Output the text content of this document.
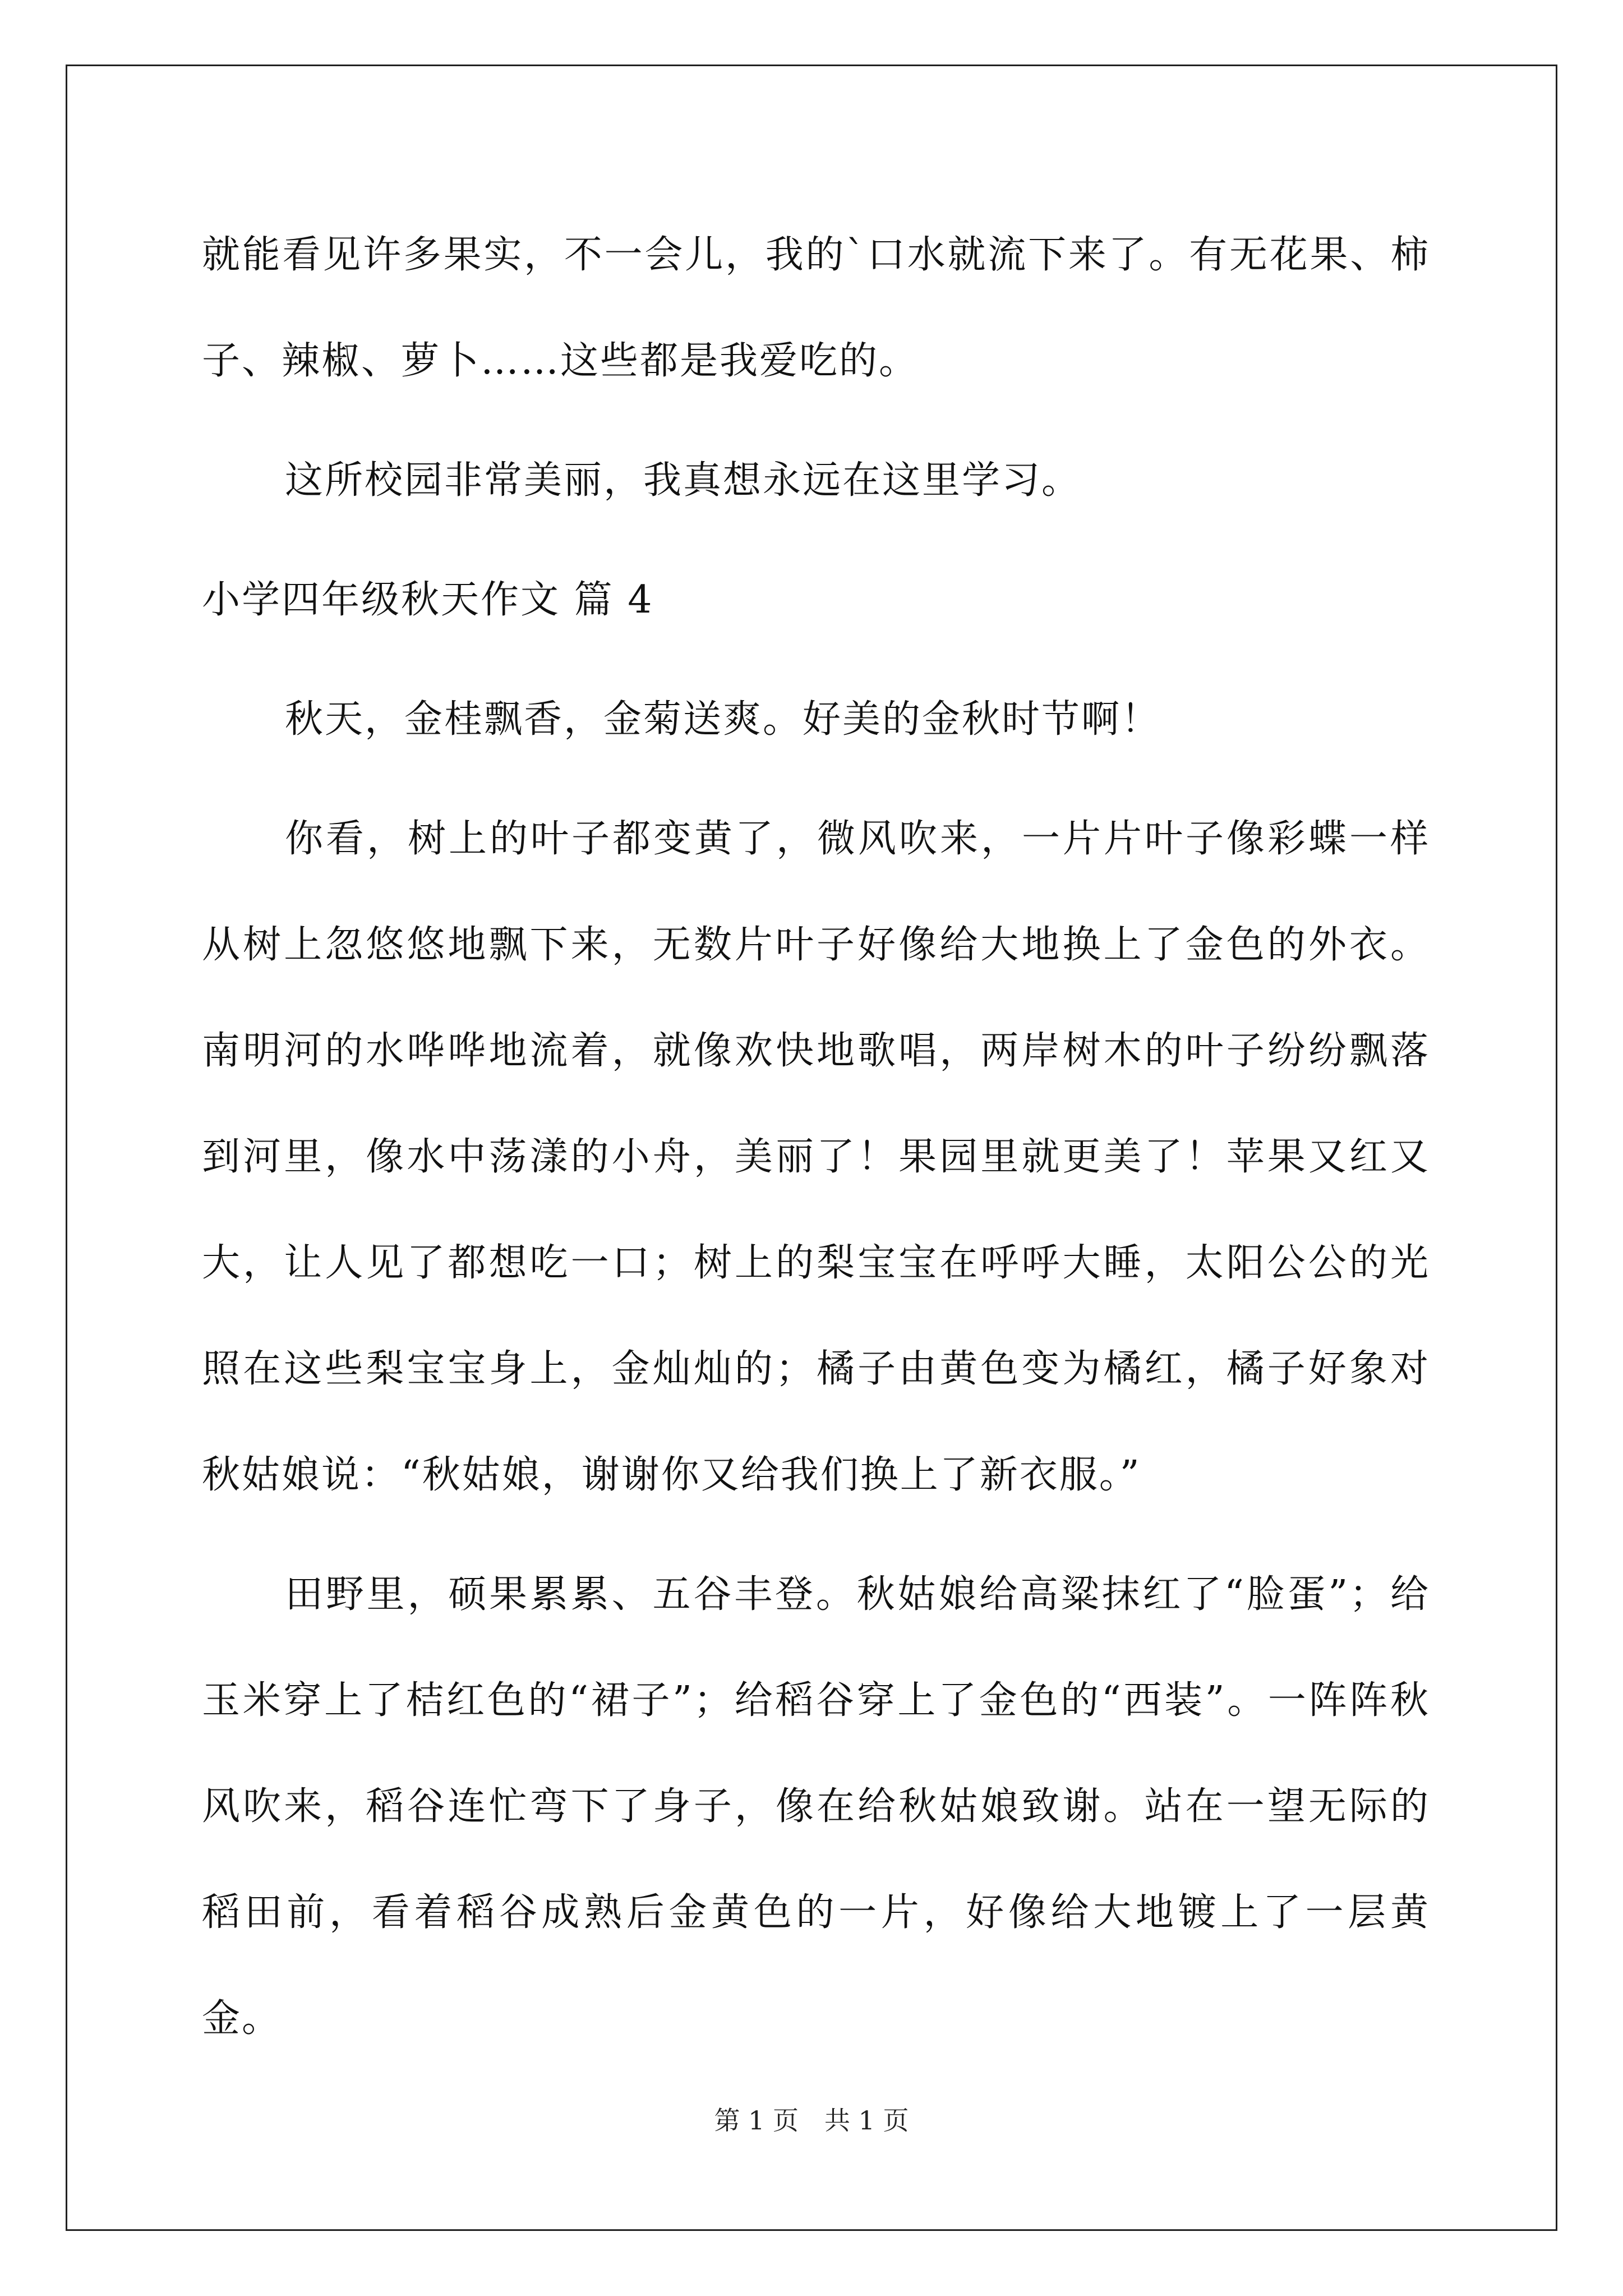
就能看见许多果实，不一会儿，我的`口水就流下来了。有无花果、柿子、辣椒、萝卜……这些都是我爱吃的。

这所校园非常美丽，我真想永远在这里学习。

小学四年级秋天作文 篇 4

秋天，金桂飘香，金菊送爽。好美的金秋时节啊！

你看，树上的叶子都变黄了，微风吹来，一片片叶子像彩蝶一样从树上忽悠悠地飘下来，无数片叶子好像给大地换上了金色的外衣。南明河的水哗哗地流着，就像欢快地歌唱，两岸树木的叶子纷纷飘落到河里，像水中荡漾的小舟，美丽了！果园里就更美了！苹果又红又大，让人见了都想吃一口；树上的梨宝宝在呼呼大睡，太阳公公的光照在这些梨宝宝身上，金灿灿的；橘子由黄色变为橘红，橘子好象对秋姑娘说：“秋姑娘，谢谢你又给我们换上了新衣服。”

田野里，硕果累累、五谷丰登。秋姑娘给高粱抹红了“脸蛋”；给玉米穿上了桔红色的“裙子”；给稻谷穿上了金色的“西装”。一阵阵秋风吹来，稻谷连忙弯下了身子，像在给秋姑娘致谢。站在一望无际的稻田前，看着稻谷成熟后金黄色的一片，好像给大地镀上了一层黄金。

第 1 页　共 1 页
